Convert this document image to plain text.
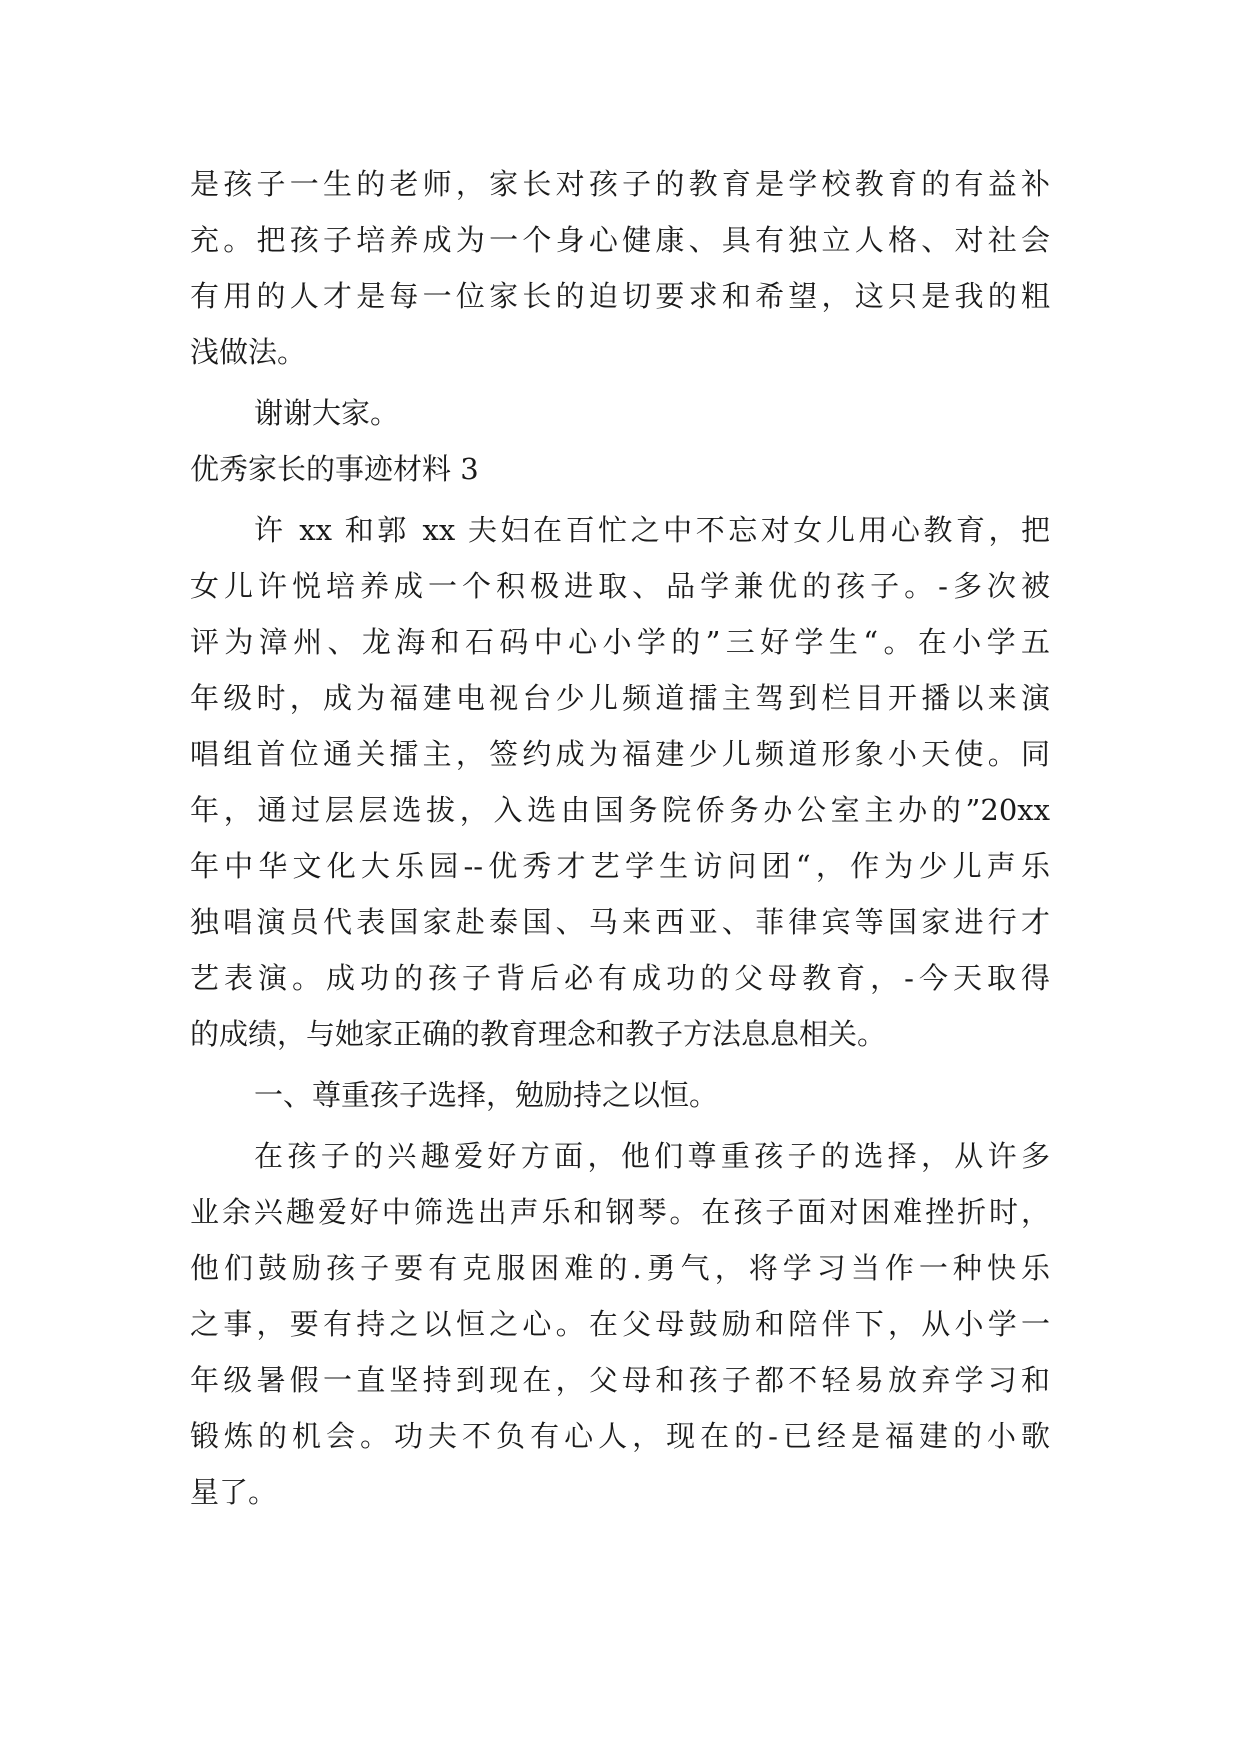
是孩子一生的老师，家长对孩子的教育是学校教育的有益补
充。把孩子培养成为一个身心健康、具有独立人格、对社会
有用的人才是每一位家长的迫切要求和希望，这只是我的粗
浅做法。
谢谢大家。
优秀家长的事迹材料 3
许 xx 和郭 xx 夫妇在百忙之中不忘对女儿用心教育，把
女儿许悦培养成一个积极进取、品学兼优的孩子。-多次被
评为漳州、龙海和石码中心小学的”三好学生“。在小学五
年级时，成为福建电视台少儿频道擂主驾到栏目开播以来演
唱组首位通关擂主，签约成为福建少儿频道形象小天使。同
年，通过层层选拔，入选由国务院侨务办公室主办的”20xx
年中华文化大乐园--优秀才艺学生访问团“，作为少儿声乐
独唱演员代表国家赴泰国、马来西亚、菲律宾等国家进行才
艺表演。成功的孩子背后必有成功的父母教育，-今天取得
的成绩，与她家正确的教育理念和教子方法息息相关。
一、尊重孩子选择，勉励持之以恒。
在孩子的兴趣爱好方面，他们尊重孩子的选择，从许多
业余兴趣爱好中筛选出声乐和钢琴。在孩子面对困难挫折时，
他们鼓励孩子要有克服困难的.勇气，将学习当作一种快乐
之事，要有持之以恒之心。在父母鼓励和陪伴下，从小学一
年级暑假一直坚持到现在，父母和孩子都不轻易放弃学习和
锻炼的机会。功夫不负有心人，现在的-已经是福建的小歌
星了。
